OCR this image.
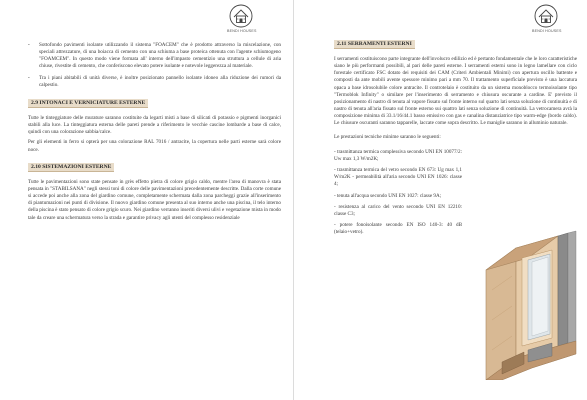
BENDI HOUSES
- Sottofondo pavimenti isolante utilizzando il sistema "FOACEM" che è prodotto attraverso la miscelazione, con speciali attrezzature, di una boiacca di cemento con una schiuma a base proteica ottenuta con l'agente schiumogeno "FOAMCEM". In questo modo viene formata all' interno dell'impasto cementizio una struttura a cellule di aria chiuse, rivestite di cemento, che conferiscono elevato potere isolante e notevole leggerezza al materiale.
- Tra i piani abitabili di unità diverse, è inoltre posizionato pannello isolante idoneo alla riduzione dei rumori da calpestio.
2.9 INTONACI E VERNICIATURE ESTERNE

Tutte le tinteggiature delle murature saranno costituite da legarti misti a base di silicati di potassio e pigmenti inorganici stabili alla luce. La tinteggiatura esterna delle pareti prende a riferimento le vecchie cascine lombarde a base di calce, quindi con una colorazione sabbia/calce.

Per gli elementi in ferro si opterà per una colorazione RAL 7016 / antracite, la copertura nelle parti esterne sarà colore noce.

2.10 SISTEMAZIONI ESTERNE

Tutte le pavimentazioni sono state pensate in grès effetto pietra di colore grigio caldo, mentre l'area di manovra è stata pensata in "STABILSANA" negli stessi toni di colore delle pavimentazioni precedentemente descritte. Dalla corte comune si accede poi anche alla zona del giardino comune, completamente schermata dalla zona parcheggi grazie all'inserimento di piantumazioni nei punti di divisione. Il nuovo giardino comune presenta al suo interno anche una piscina, il telo interno della piscina è stato pensato di colore grigio scuro. Nei giardino verranno inseriti diversi ulivi e vegetazione mista in modo tale da creare una schermatura verso la strada e garantire privacy agli utenti del complesso residenziale

BENDI HOUSES
2.11 SERRAMENTI ESTERNI

I serramenti costituiscono parte integrante dell'involucro edilizio ed è pertanto fondamentale che le loro caratteristiche siano le più performanti possibili, al pari delle pareti esterne. I serramenti esterni sono in legno lamellare con ciclo forestale certificato FSC dotato dei requisiti dei CAM (Criteri Ambientali Minimi) con apertura oscillo battente e composti da ante mobili avente spessore minimo pari a mm 70. Il trattamento superficiale previsto è una laccatura opaca a base idrosolubile colore antracite. Il controtelaio è costituito da un sistema monoblocco termoisolante tipo "Termoblok Infinity" o similare per l'inserimento di serramento e chiusura oscurante a cardine. E' previsto il posizionamento di nastro di tenuta al vapore fissato sul fronte interno sul quarto lati senza soluzione di continuità e di nastro di tenuta all'aria fissato sul fronte esterno sui quattro lati senza soluzione di continuità. La vetrocamera avrà la composizione minima di 33.1/16/44.1 basso emissivo con gas e canalina distanziatrice tipo warm-edge (bordo caldo). Le chiusure oscuranti saranno tapparelle, laccate come sopra descritto. Le maniglie saranno in alluminio naturale.

Le prestazioni tecniche minime saranno le seguenti:

- trasmittanza termica complessiva secondo UNI EN 10077/2: Uw max 1,3 W/m2K;

- trasmittanza termica del vetro secondo EN 673: Ug max 1,1 W/m2K - permeabilità all'aria secondo UNI EN 1026: classe 4;

- tenuta all'acqua secondo UNI EN 1027: classe 9A;

- resistenza al carico del vento secondo UNI EN 12210: classe C3;

- potere fonoisolante secondo EN ISO 140-3: 40 dB (telaio+vetro).
